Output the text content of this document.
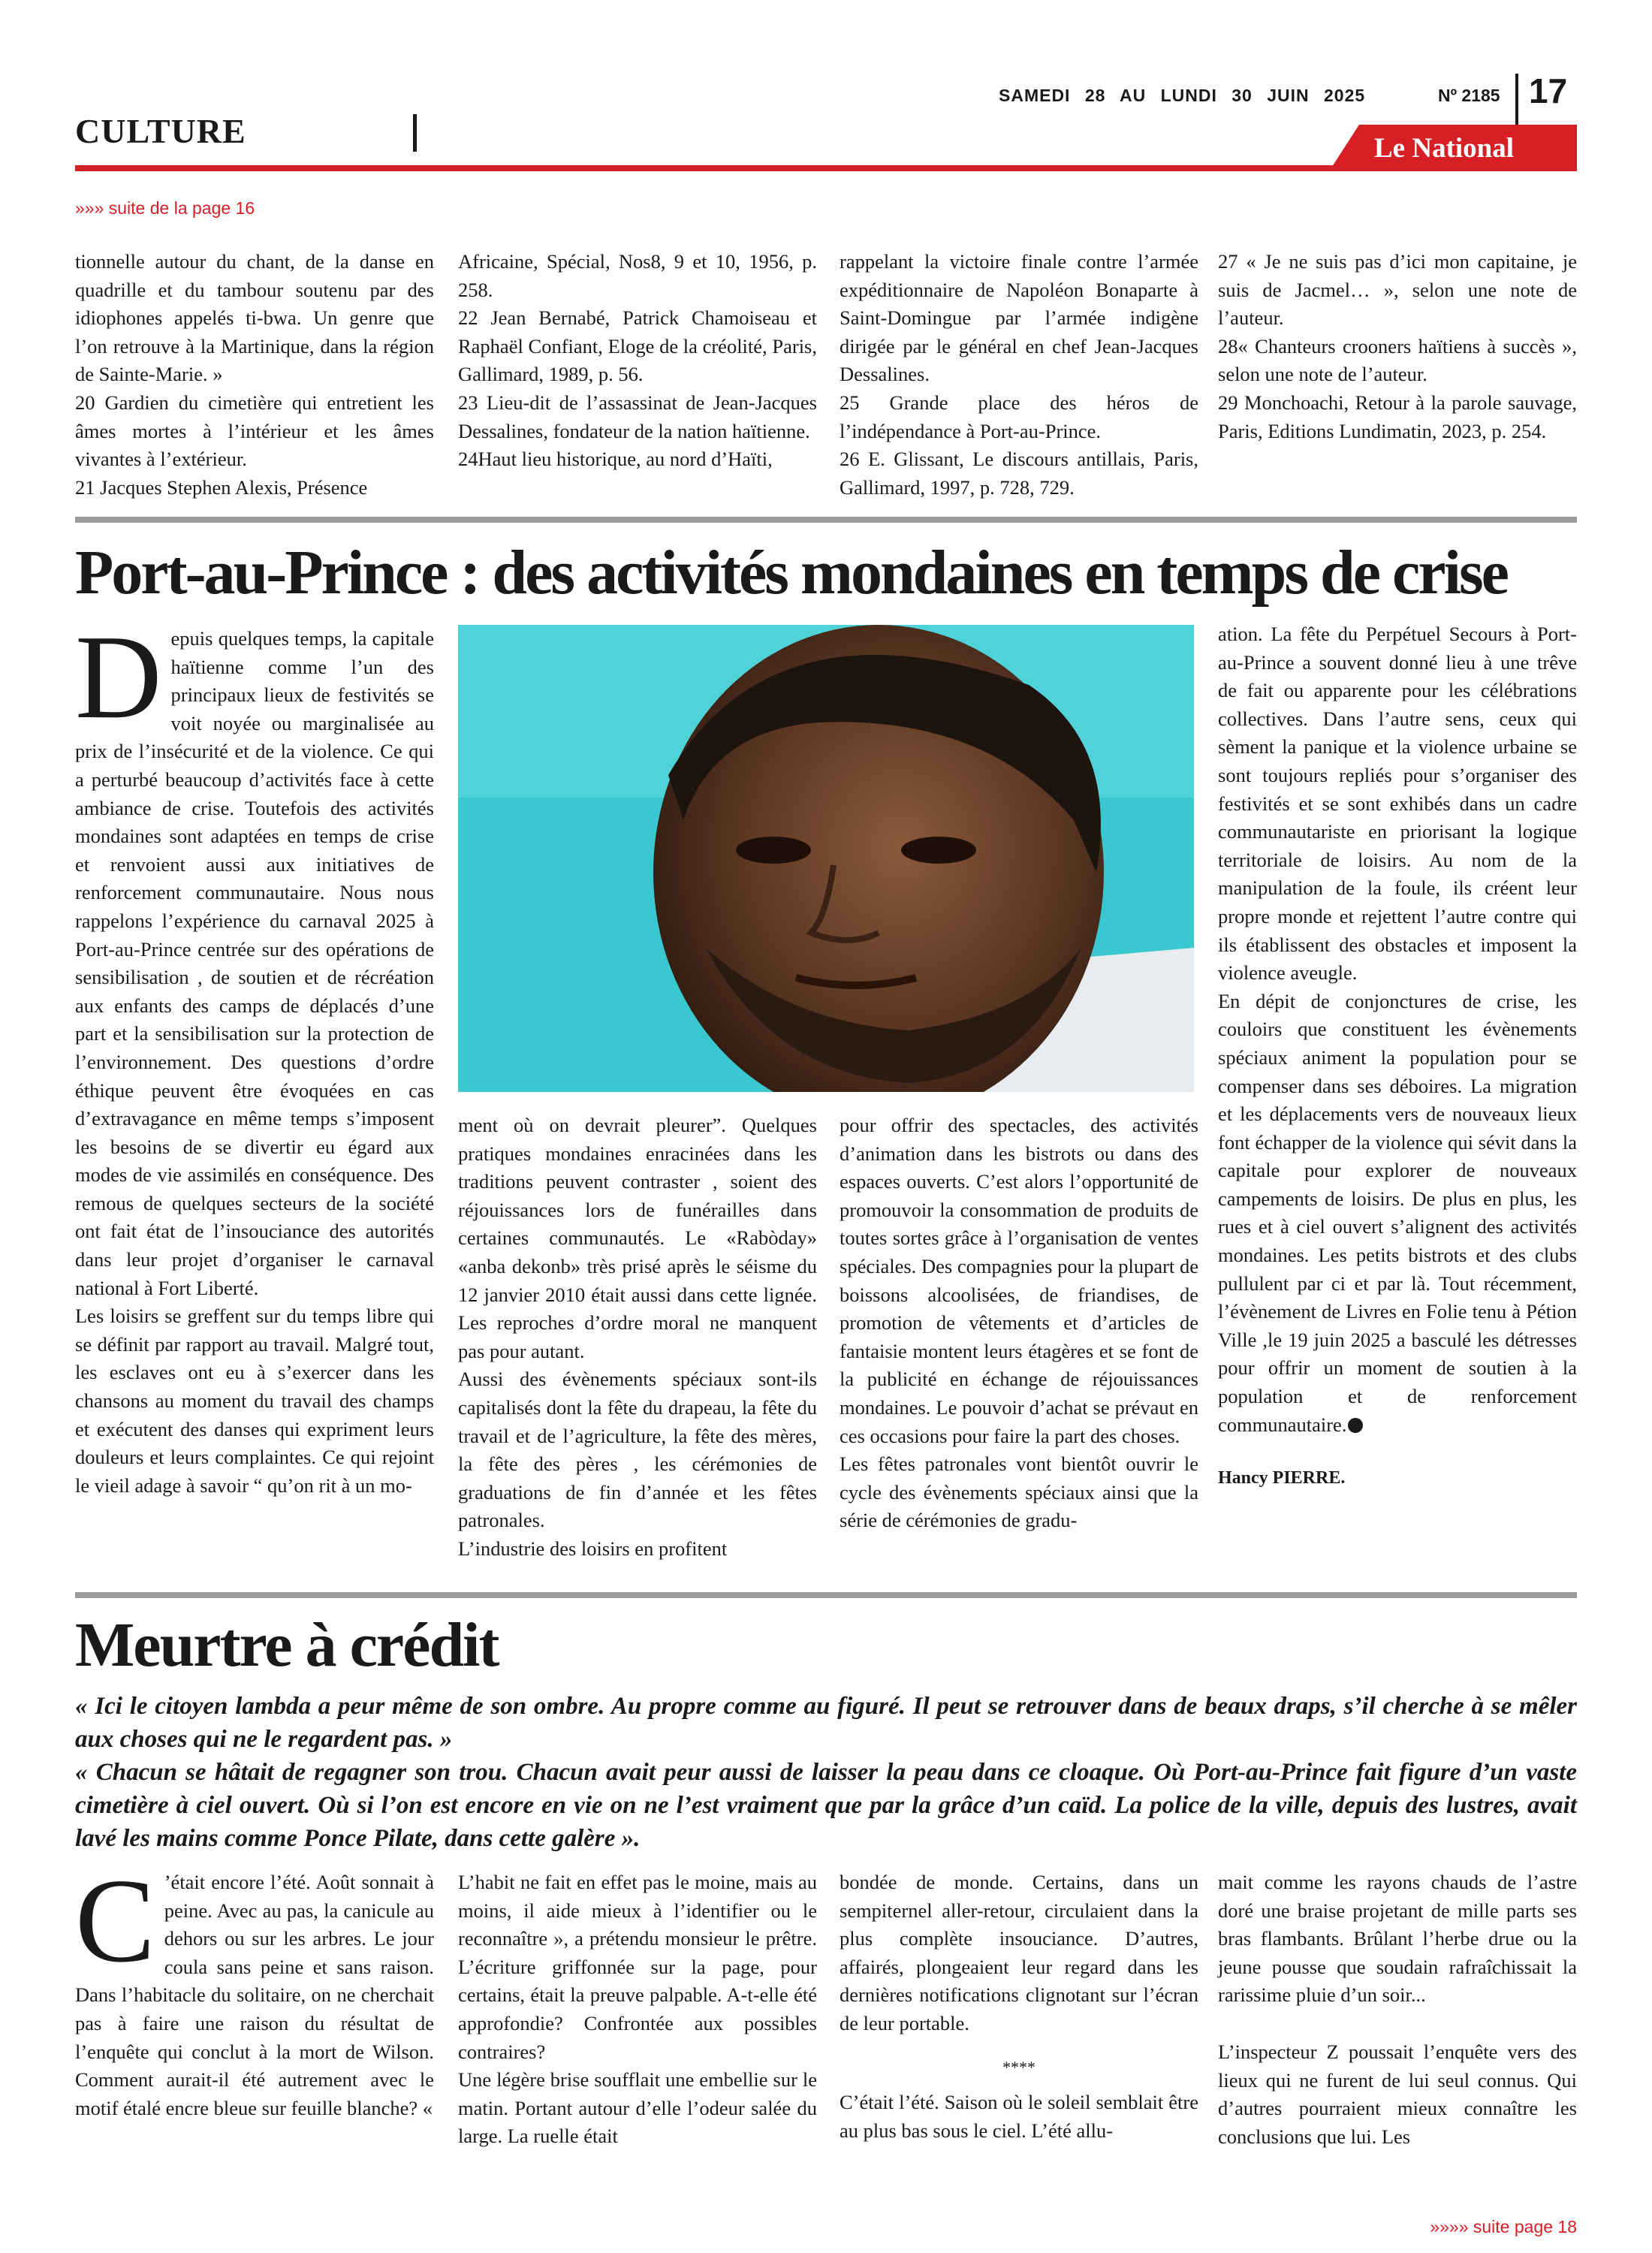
CULTURE
SAMEDI 28 AU LUNDI 30 JUIN 2025	Nº 2185 17
Le National
»»» suite de la page 16

tionnelle autour du chant, de la danse en quadrille et du tambour soutenu par des idiophones appelés ti-bwa. Un genre que l’on retrouve à la Martinique, dans la région de Sainte-Marie. »

20 Gardien du cimetière qui entretient les âmes mortes à l’intérieur et les âmes vivantes à l’extérieur.

21 Jacques Stephen Alexis, Présence

Africaine, Spécial, Nos8, 9 et 10, 1956, p. 258.

22 Jean Bernabé, Patrick Chamoiseau et Raphaël Confiant, Eloge de la créolité, Paris, Gallimard, 1989, p. 56.

23 Lieu-dit de l’assassinat de Jean-Jacques Dessalines, fondateur de la nation haïtienne.

24Haut lieu historique, au nord d’Haïti,

rappelant la victoire finale contre l’armée expéditionnaire de Napoléon Bonaparte à Saint-Domingue par l’armée indigène dirigée par le général en chef Jean-Jacques Dessalines.

25 Grande place des héros de l’indépendance à Port-au-Prince.

26 E. Glissant, Le discours antillais, Paris, Gallimard, 1997, p. 728, 729.

27 « Je ne suis pas d’ici mon capitaine, je suis de Jacmel… », selon une note de l’auteur.

28« Chanteurs crooners haïtiens à succès », selon une note de l’auteur.

29 Monchoachi, Retour à la parole sauvage, Paris, Editions Lundimatin, 2023, p. 254.

Port-au-Prince : des activités mondaines en temps de crise

Depuis quelques temps, la capitale haïtienne comme l’un des principaux lieux de festivités se voit noyée ou marginalisée au prix de l’insécurité et de la violence. Ce qui a perturbé beaucoup d’activités face à cette ambiance de crise. Toutefois des activités mondaines sont adaptées en temps de crise et renvoient aussi aux initiatives de renforcement communautaire. Nous nous rappelons l’expérience du carnaval 2025 à Port-au-Prince centrée sur des opérations de sensibilisation , de soutien et de récréation aux enfants des camps de déplacés d’une part et la sensibilisation sur la protection de l’environnement. Des questions d’ordre éthique peuvent être évoquées en cas d’extravagance en même temps s’imposent les besoins de se divertir eu égard aux modes de vie assimilés en conséquence. Des remous de quelques secteurs de la société ont fait état de l’insouciance des autorités dans leur projet d’organiser le carnaval national à Fort Liberté.

Les loisirs se greffent sur du temps libre qui se définit par rapport au travail. Malgré tout, les esclaves ont eu à s’exercer dans les chansons au moment du travail des champs et exécutent des danses qui expriment leurs douleurs et leurs complaintes. Ce qui rejoint le vieil adage à savoir “ qu’on rit à un mo-

ment où on devrait pleurer”. Quelques pratiques mondaines enracinées dans les traditions peuvent contraster , soient des réjouissances lors de funérailles dans certaines communautés. Le «Rabòday» «anba dekonb» très prisé après le séisme du 12 janvier 2010 était aussi dans cette lignée. Les reproches d’ordre moral ne manquent pas pour autant.

Aussi des évènements spéciaux sont-ils capitalisés dont la fête du drapeau, la fête du travail et de l’agriculture, la fête des mères, la fête des pères , les cérémonies de graduations de fin d’année et les fêtes patronales.

L’industrie des loisirs en profitent

pour offrir des spectacles, des activités d’animation dans les bistrots ou dans des espaces ouverts. C’est alors l’opportunité de promouvoir la consommation de produits de toutes sortes grâce à l’organisation de ventes spéciales. Des compagnies pour la plupart de boissons alcoolisées, de friandises, de promotion de vêtements et d’articles de fantaisie montent leurs étagères et se font de la publicité en échange de réjouissances mondaines. Le pouvoir d’achat se prévaut en ces occasions pour faire la part des choses.

Les fêtes patronales vont bientôt ouvrir le cycle des évènements spéciaux ainsi que la série de cérémonies de gradu-

ation. La fête du Perpétuel Secours à Port-au-Prince a souvent donné lieu à une trêve de fait ou apparente pour les célébrations collectives. Dans l’autre sens, ceux qui sèment la panique et la violence urbaine se sont toujours repliés pour s’organiser des festivités et se sont exhibés dans un cadre communautariste en priorisant la logique territoriale de loisirs. Au nom de la manipulation de la foule, ils créent leur propre monde et rejettent l’autre contre qui ils établissent des obstacles et imposent la violence aveugle.

En dépit de conjonctures de crise, les couloirs que constituent les évènements spéciaux animent la population pour se compenser dans ses déboires. La migration et les déplacements vers de nouveaux lieux font échapper de la violence qui sévit dans la capitale pour explorer de nouveaux campements de loisirs. De plus en plus, les rues et à ciel ouvert s’alignent des activités mondaines. Les petits bistrots et des clubs pullulent par ci et par là. Tout récemment, l’évènement de Livres en Folie tenu à Pétion Ville ,le 19 juin 2025 a basculé les détresses pour offrir un moment de soutien à la population et de renforcement communautaire.

Hancy PIERRE.

Meurtre à crédit
« Ici le citoyen lambda a peur même de son ombre. Au propre comme au figuré. Il peut se retrouver dans de beaux draps, s’il cherche à se mêler aux choses qui ne le regardent pas. »
« Chacun se hâtait de regagner son trou. Chacun avait peur aussi de laisser la peau dans ce cloaque. Où Port-au-Prince fait figure d’un vaste cimetière à ciel ouvert. Où si l’on est encore en vie on ne l’est vraiment que par la grâce d’un caïd. La police de la ville, depuis des lustres, avait lavé les mains comme Ponce Pilate, dans cette galère ».

C ’était encore l’été. Août sonnait à peine. Avec au pas, la canicule au dehors ou sur les arbres. Le jour coula sans peine et sans raison. Dans l’habitacle du solitaire, on ne cherchait pas à faire une raison du résultat de l’enquête qui conclut à la mort de Wilson. Comment aurait-il été autrement avec le motif étalé encre bleue sur feuille blanche? «

L’habit ne fait en effet pas le moine, mais au moins, il aide mieux à l’identifier ou le reconnaître », a prétendu monsieur le prêtre. L’écriture griffonnée sur la page, pour certains, était la preuve palpable. A-t-elle été approfondie? Confrontée aux possibles contraires?

Une légère brise soufflait une embellie sur le matin. Portant autour d’elle l’odeur salée du large. La ruelle était

bondée de monde. Certains, dans un sempiternel aller-retour, circulaient dans la plus complète insouciance. D’autres, affairés, plongeaient leur regard dans les dernières notifications clignotant sur l’écran de leur portable.

****

C’était l’été. Saison où le soleil semblait être au plus bas sous le ciel. L’été allu-

mait comme les rayons chauds de l’astre doré une braise projetant de mille parts ses bras flambants. Brûlant l’herbe drue ou la jeune pousse que soudain rafraîchissait la rarissime pluie d’un soir...

L’inspecteur Z poussait l’enquête vers des lieux qui ne furent de lui seul connus. Qui d’autres pourraient mieux connaître les conclusions que lui. Les

»»»» suite page 18
